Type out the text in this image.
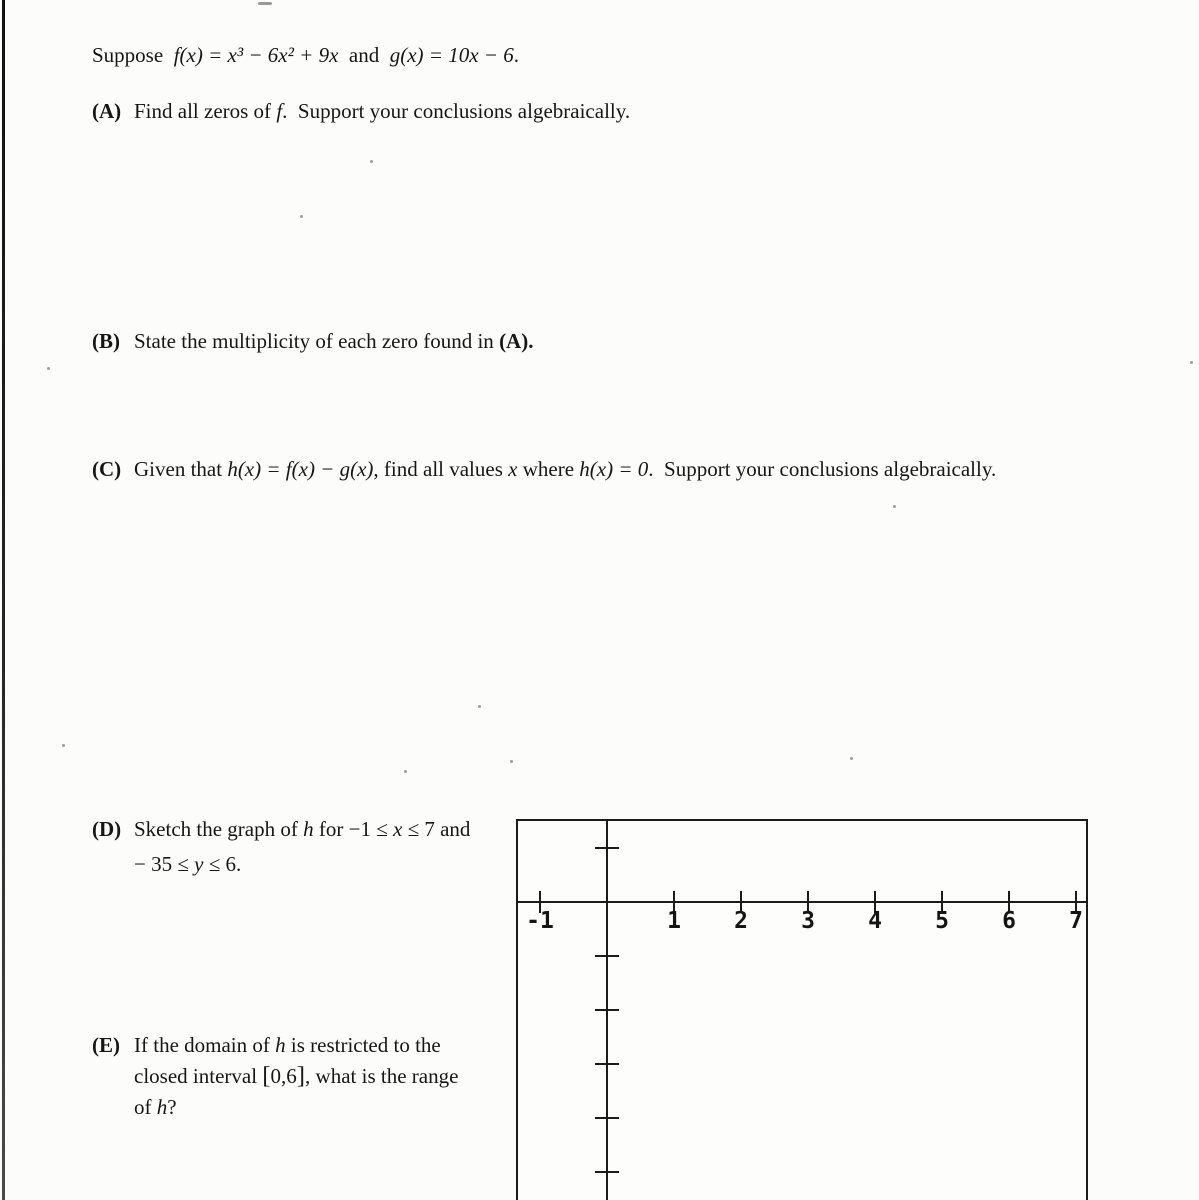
Suppose  f(x) = x³ − 6x² + 9x  and  g(x) = 10x − 6.
(A) Find all zeros of f.  Support your conclusions algebraically.
(B) State the multiplicity of each zero found in (A).
(C) Given that h(x) = f(x) − g(x), find all values x where h(x) = 0.  Support your conclusions algebraically.
(D) Sketch the graph of h for −1 ≤ x ≤ 7 and
− 35 ≤ y ≤ 6.
(E) If the domain of h is restricted to the
closed interval [0,6], what is the range
of h?
-1	1 2 3 4 5 6 7
